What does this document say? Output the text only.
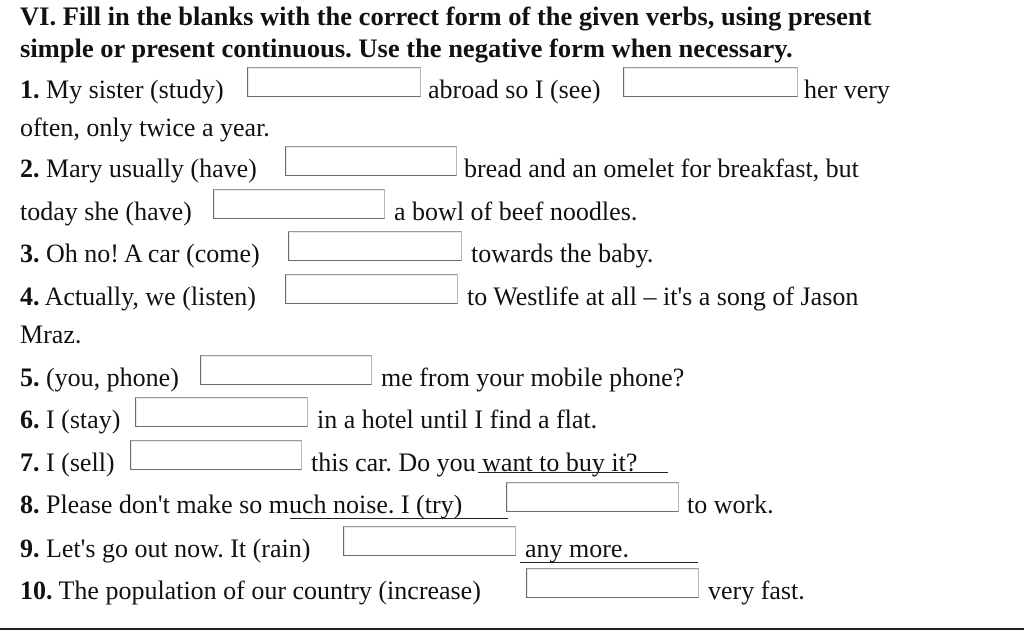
VI. Fill in the blanks with the correct form of the given verbs, using present
simple or present continuous. Use the negative form when necessary.
1. My sister (study)	abroad so I (see)	her very
often, only twice a year.
2. Mary usually (have)	bread and an omelet for breakfast, but
today she (have)	a bowl of beef noodles.
3. Oh no! A car (come)	towards the baby.
4. Actually, we (listen)	to Westlife at all – it's a song of Jason
Mraz.
5. (you, phone)	me from your mobile phone?
6. I (stay)	in a hotel until I find a flat.
7. I (sell)	this car. Do you want to buy it?
8. Please don't make so much noise. I (try)	to work.
9. Let's go out now. It (rain)	any more.
10. The population of our country (increase)	very fast.
